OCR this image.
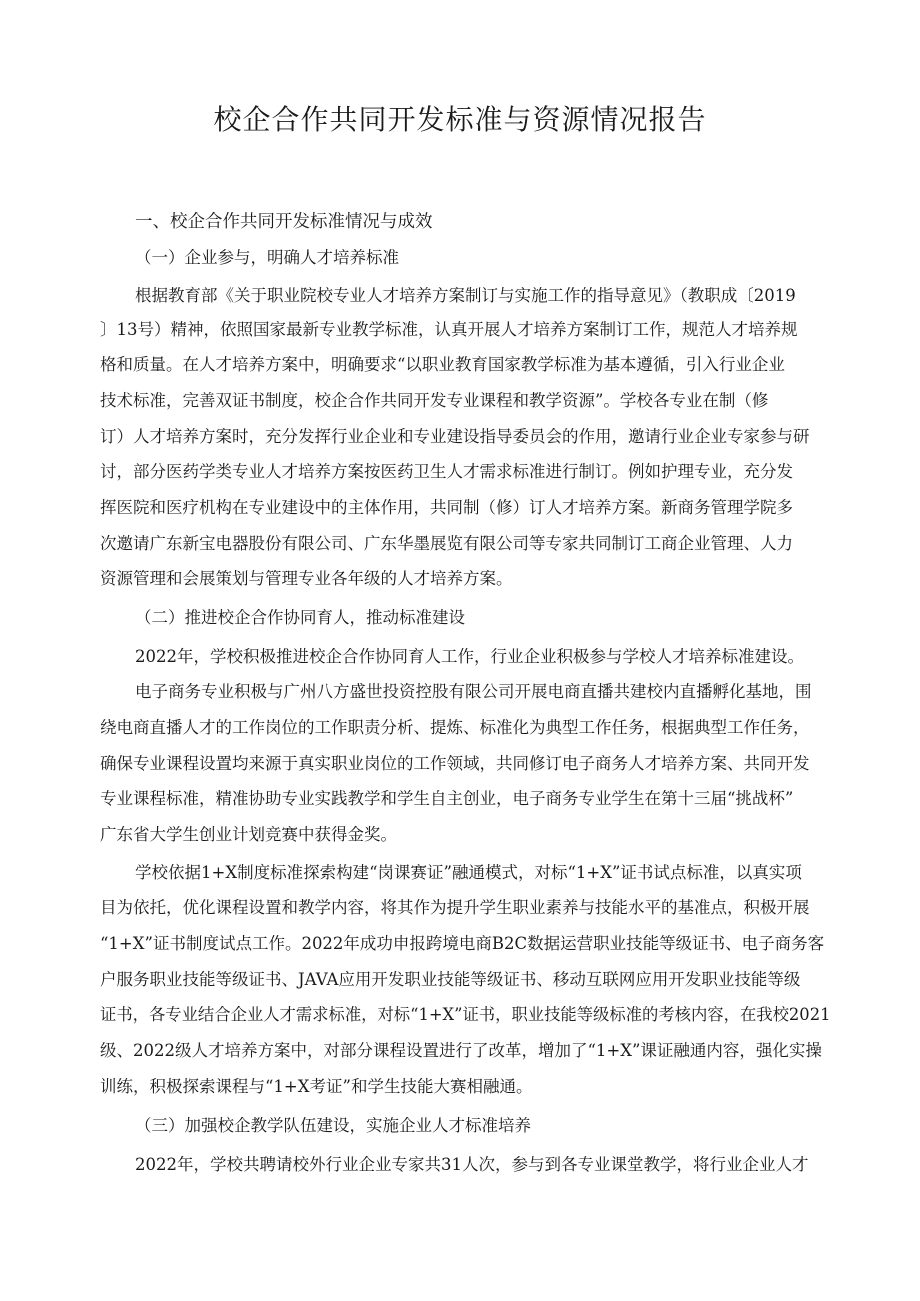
校企合作共同开发标准与资源情况报告

一、校企合作共同开发标准情况与成效

（一）企业参与，明确人才培养标准

根据教育部《关于职业院校专业人才培养方案制订与实施工作的指导意见》（教职成〔2019

〕13号）精神，依照国家最新专业教学标准，认真开展人才培养方案制订工作，规范人才培养规

格和质量。在人才培养方案中，明确要求“以职业教育国家教学标准为基本遵循，引入行业企业

技术标准，完善双证书制度，校企合作共同开发专业课程和教学资源”。学校各专业在制（修

订）人才培养方案时，充分发挥行业企业和专业建设指导委员会的作用，邀请行业企业专家参与研

讨，部分医药学类专业人才培养方案按医药卫生人才需求标准进行制订。例如护理专业，充分发

挥医院和医疗机构在专业建设中的主体作用，共同制（修）订人才培养方案。新商务管理学院多

次邀请广东新宝电器股份有限公司、广东华墨展览有限公司等专家共同制订工商企业管理、人力

资源管理和会展策划与管理专业各年级的人才培养方案。

（二）推进校企合作协同育人，推动标准建设

2022年，学校积极推进校企合作协同育人工作，行业企业积极参与学校人才培养标准建设。

电子商务专业积极与广州八方盛世投资控股有限公司开展电商直播共建校内直播孵化基地，围

绕电商直播人才的工作岗位的工作职责分析、提炼、标准化为典型工作任务，根据典型工作任务，

确保专业课程设置均来源于真实职业岗位的工作领域，共同修订电子商务人才培养方案、共同开发

专业课程标准，精准协助专业实践教学和学生自主创业，电子商务专业学生在第十三届“挑战杯”

广东省大学生创业计划竞赛中获得金奖。

学校依据1+X制度标准探索构建“岗课赛证”融通模式，对标“1+X”证书试点标准，以真实项

目为依托，优化课程设置和教学内容，将其作为提升学生职业素养与技能水平的基准点，积极开展

“1+X”证书制度试点工作。2022年成功申报跨境电商B2C数据运营职业技能等级证书、电子商务客

户服务职业技能等级证书、JAVA应用开发职业技能等级证书、移动互联网应用开发职业技能等级

证书，各专业结合企业人才需求标准，对标“1+X”证书，职业技能等级标准的考核内容，在我校2021

级、2022级人才培养方案中，对部分课程设置进行了改革，增加了“1+X”课证融通内容，强化实操

训练，积极探索课程与“1+X考证”和学生技能大赛相融通。

（三）加强校企教学队伍建设，实施企业人才标准培养

2022年，学校共聘请校外行业企业专家共31人次，参与到各专业课堂教学，将行业企业人才
